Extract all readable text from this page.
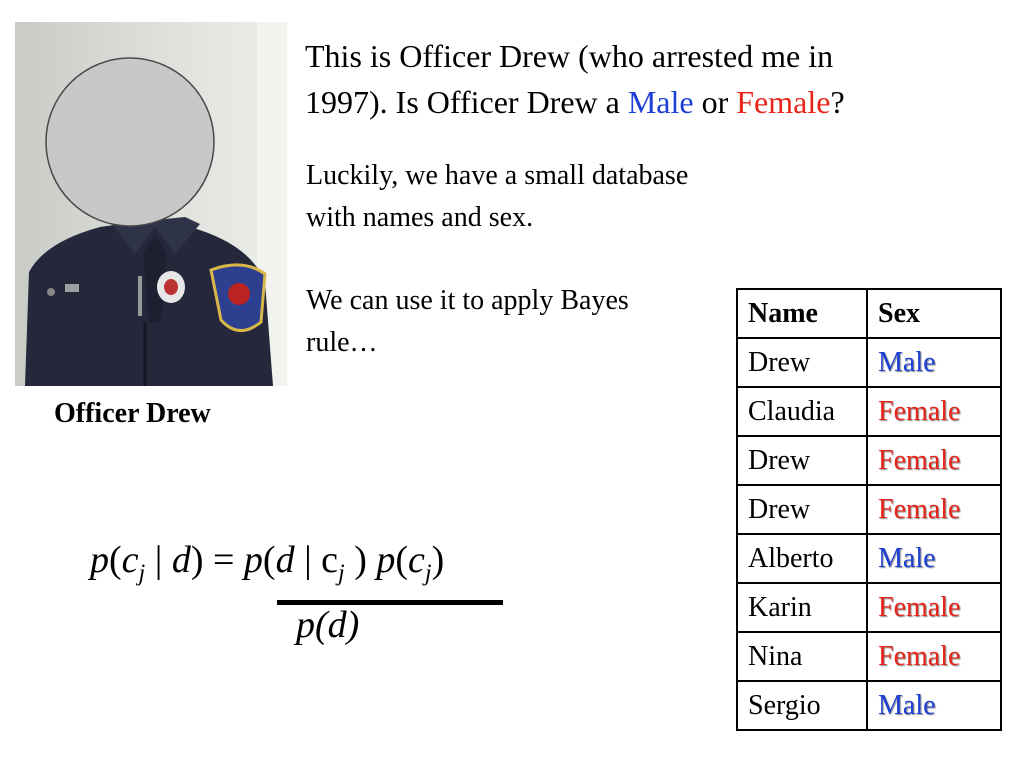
Officer Drew
This is Officer Drew (who arrested me in
1997). Is Officer Drew a Male or Female?
Luckily, we have a small database with names and sex.
We can use it to apply Bayes rule…
Name	Sex
Drew	Male
Claudia	Female
Drew	Female
Drew	Female
Alberto	Male
Karin	Female
Nina	Female
Sergio	Male
$p(c_j$ | d) = p(d | $c_j$ ) $p(c_j)$
p(d)
